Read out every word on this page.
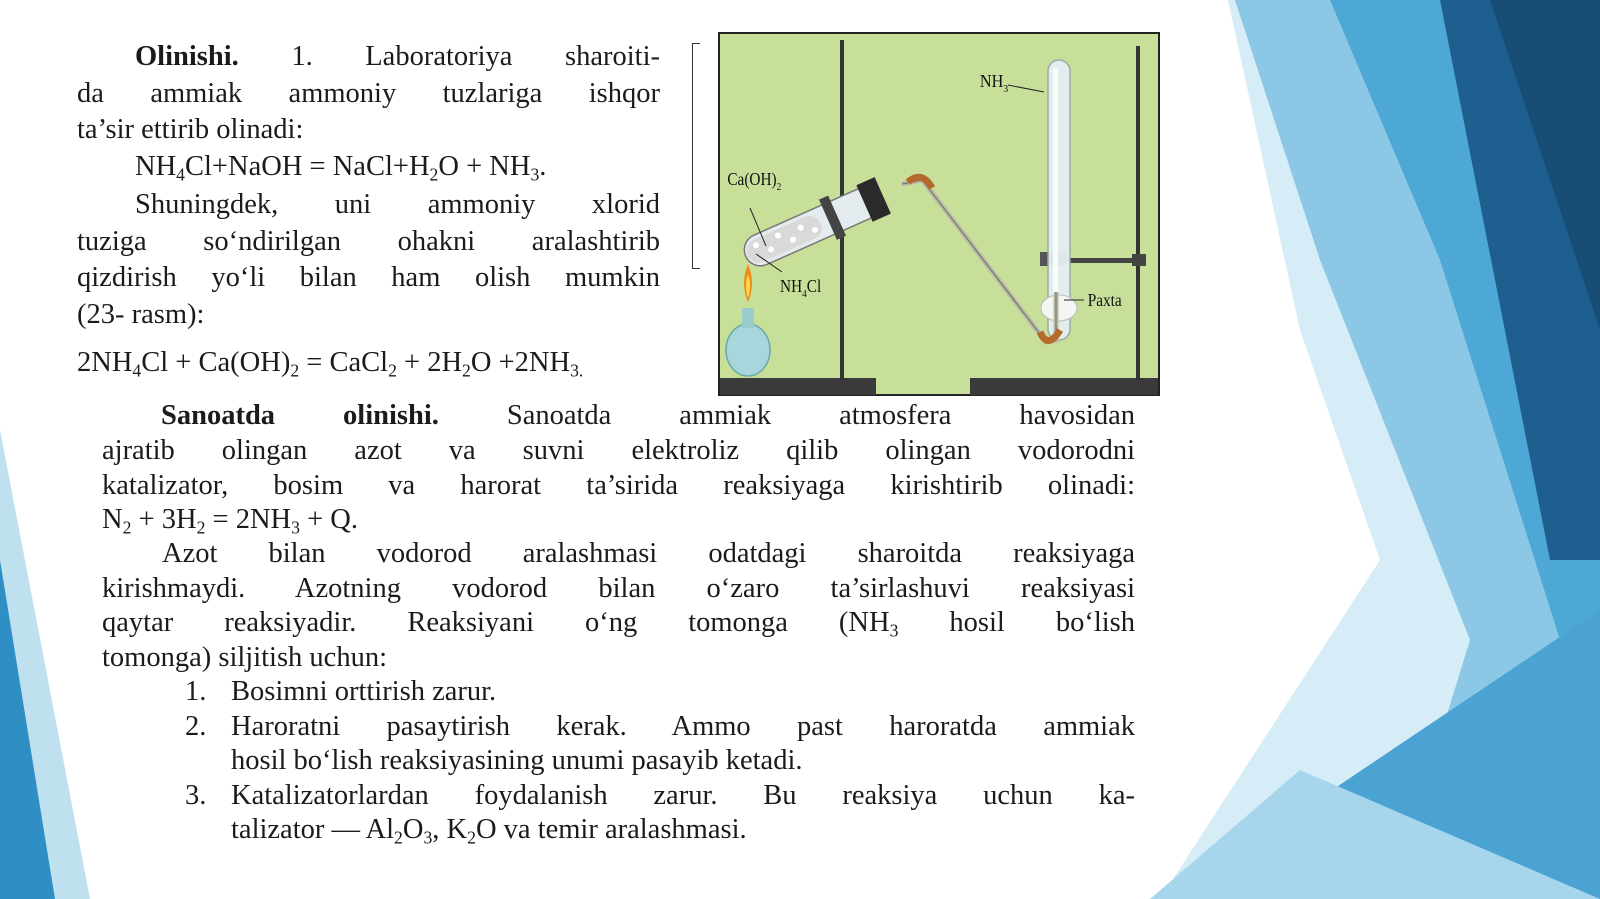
Olinishi. 1. Laboratoriya sharoiti-
da ammiak ammoniy tuzlariga ishqor
ta’sir ettirib olinadi:
$NH_4Cl+NaOH$ = $NaCl+H_2O + NH_3$.
Shuningdek, uni ammoniy xlorid
tuziga so‘ndirilgan ohakni aralashtirib
qizdirish yo‘li bilan ham olish mumkin
(23- rasm):
$2NH_4Cl + Ca(OH)_2$ = CaCl$_2$ + $2H_2O +2NH_{3.}$
$Ca(OH)_2$
$NH_4Cl$
$NH_3$
Paxta
Sanoatda olinishi. Sanoatda ammiak atmosfera havosidan
ajratib olingan azot va suvni elektroliz qilib olingan vodorodni
katalizator, bosim va harorat ta’sirida reaksiyaga kirishtirib olinadi:
$N_2 + 3H_2 = 2NH_3 + Q$.
Azot bilan vodorod aralashmasi odatdagi sharoitda reaksiyaga
kirishmaydi. Azotning vodorod bilan o‘zaro ta’sirlashuvi reaksiyasi
qaytar reaksiyadir. Reaksiyani o‘ng tomonga ($NH_3$ hosil bo‘lish
tomonga) siljitish uchun:
1. Bosimni orttirish zarur.
2. Haroratni pasaytirish kerak. Ammo past haroratda ammiak
hosil bo‘lish reaksiyasining unumi pasayib ketadi.
3. Katalizatorlardan foydalanish zarur. Bu reaksiya uchun ka-
talizator — $Al_2O_3$, $K_2O$ va temir aralashmasi.
